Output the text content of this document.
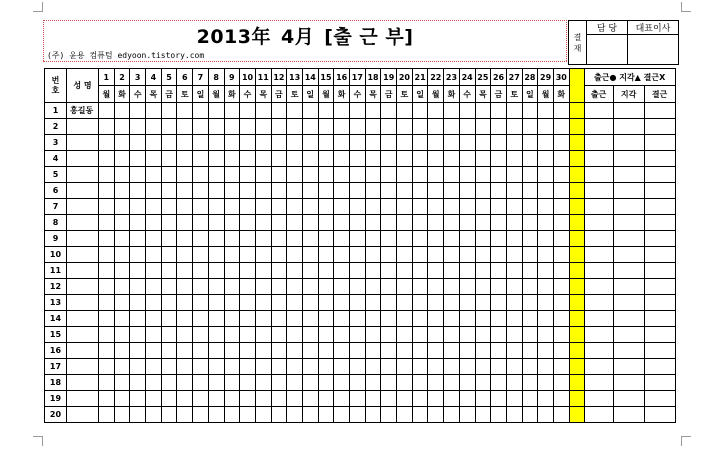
2013年 4月 [출 근 부]
(주) 윤용 컴퓨텀 edyoon.tistory.com
결
재	담 당	대표이사

번
호	성 명	1	2	3	4	5	6	7	8	9	10	11	12	13	14	15	16	17	18	19	20	21	22	23	24	25	26	27	28	29	30		출근● 지각▲ 결근X		
		월	화	수	목	금	토	일	월	화	수	목	금	토	일	월	화	수	목	금	토	일	월	화	수	목	금	토	일	월	화		출근	지각	결근
1	홍길동																																		
2																																			
3																																			
4																																			
5																																			
6																																			
7																																			
8																																			
9																																			
10																																			
11																																			
12																																			
13																																			
14																																			
15																																			
16																																			
17																																			
18																																			
19																																			
20																																			
